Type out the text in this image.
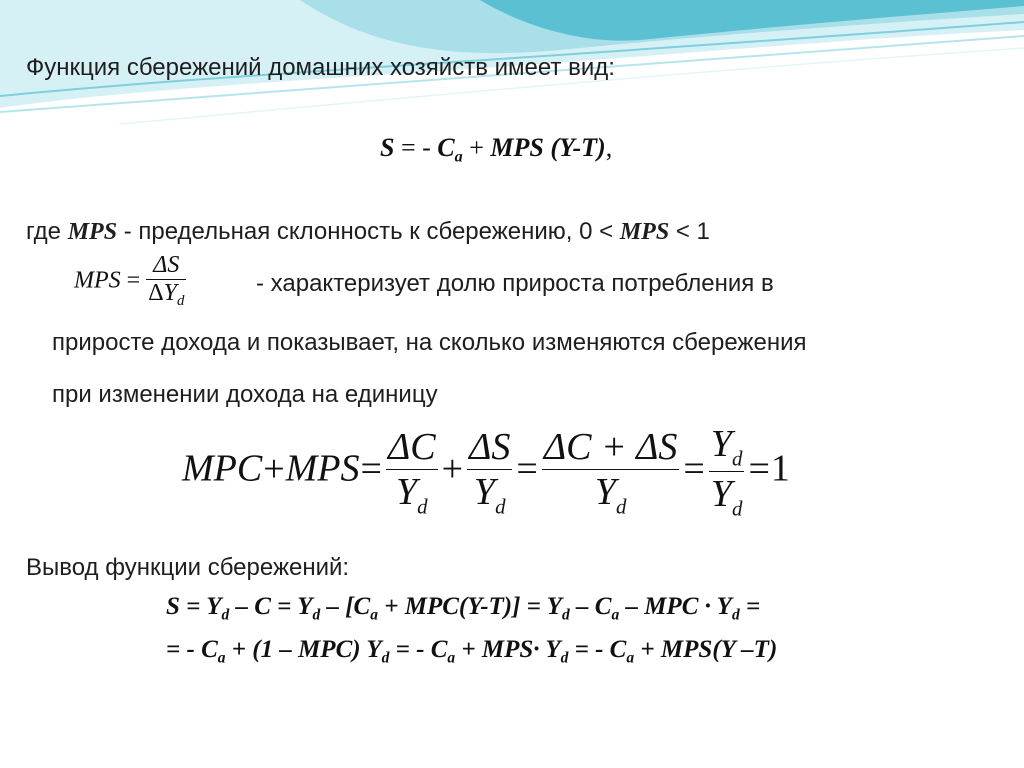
Функция сбережений домашних хозяйств имеет вид:
S = - $C_a$ + MPS (Y-T),
где MPS - предельная склонность к сбережению, 0 < MPS < 1
MPS = $\frac{\Delta S}{\Delta Y_d}$	- характеризует долю прироста потребления в
приросте дохода и показывает, на сколько изменяются сбережения
при изменении дохода на единицу
$MPC+MPS= \frac{\Delta C}{Y_d} + \frac{\Delta S}{Y_d} = \frac{\Delta C + \Delta S}{Y_d} = \frac{Y_d}{Y_d} =1$
Вывод функции сбережений:
$S = Y_d - C = Y_d - [C_a + MPC(Y-T)] = Y_d - C_a$ – MPC · $Y_d$ =
= - $C_a + (1 - MPC) Y_d$ = - $C_a + MPS\cdot Y_d$ = - $C_a + MPS(Y$ –T)
